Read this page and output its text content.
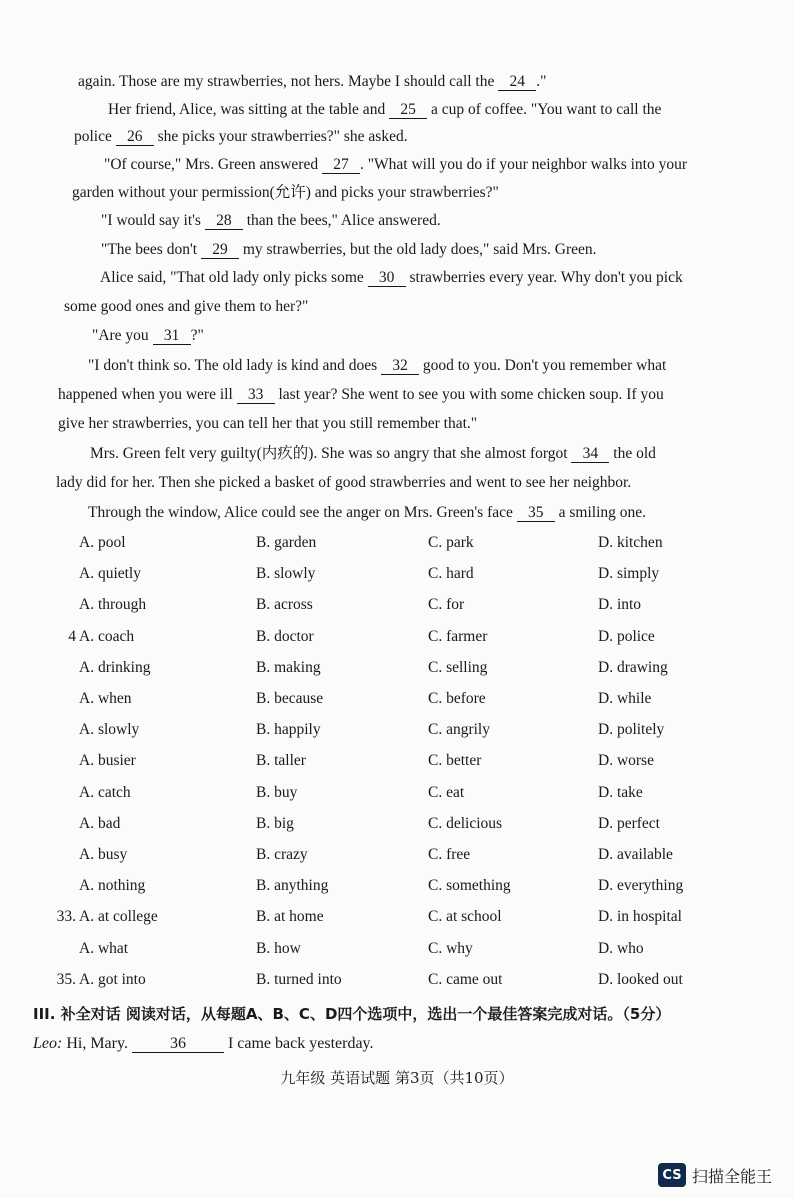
again. Those are my strawberries, not hers. Maybe I should call the 24 ."
Her friend, Alice, was sitting at the table and 25 a cup of coffee. "You want to call the
police 26 she picks your strawberries?" she asked.
"Of course," Mrs. Green answered 27 . "What will you do if your neighbor walks into your
garden without your permission(允许) and picks your strawberries?"
"I would say it's 28 than the bees," Alice answered.
"The bees don't 29 my strawberries, but the old lady does," said Mrs. Green.
Alice said, "That old lady only picks some 30 strawberries every year. Why don't you pick
some good ones and give them to her?"
"Are you 31 ?"
"I don't think so. The old lady is kind and does 32 good to you. Don't you remember what
happened when you were ill 33 last year? She went to see you with some chicken soup. If you
give her strawberries, you can tell her that you still remember that."
Mrs. Green felt very guilty(内疚的). She was so angry that she almost forgot 34 the old
lady did for her. Then she picked a basket of good strawberries and went to see her neighbor.
Through the window, Alice could see the anger on Mrs. Green's face 35 a smiling one.
A. pool	B. garden	C. park	D. kitchen
A. quietly	B. slowly	C. hard	D. simply
A. through	B. across	C. for	D. into
4 A. coach	B. doctor	C. farmer	D. police
A. drinking	B. making	C. selling	D. drawing
A. when	B. because	C. before	D. while
A. slowly	B. happily	C. angrily	D. politely
A. busier	B. taller	C. better	D. worse
A. catch	B. buy	C. eat	D. take
A. bad	B. big	C. delicious	D. perfect
A. busy	B. crazy	C. free	D. available
A. nothing	B. anything	C. something	D. everything
33. A. at college	B. at home	C. at school	D. in hospital
A. what	B. how	C. why	D. who
35. A. got into	B. turned into	C. came out	D. looked out
III. 补全对话 阅读对话，从每题A、B、C、D四个选项中，选出一个最佳答案完成对话。（5分）
Leo: Hi, Mary. 36	I came back yesterday.
九年级 英语试题 第3页（共10页）
CS 扫描全能王
